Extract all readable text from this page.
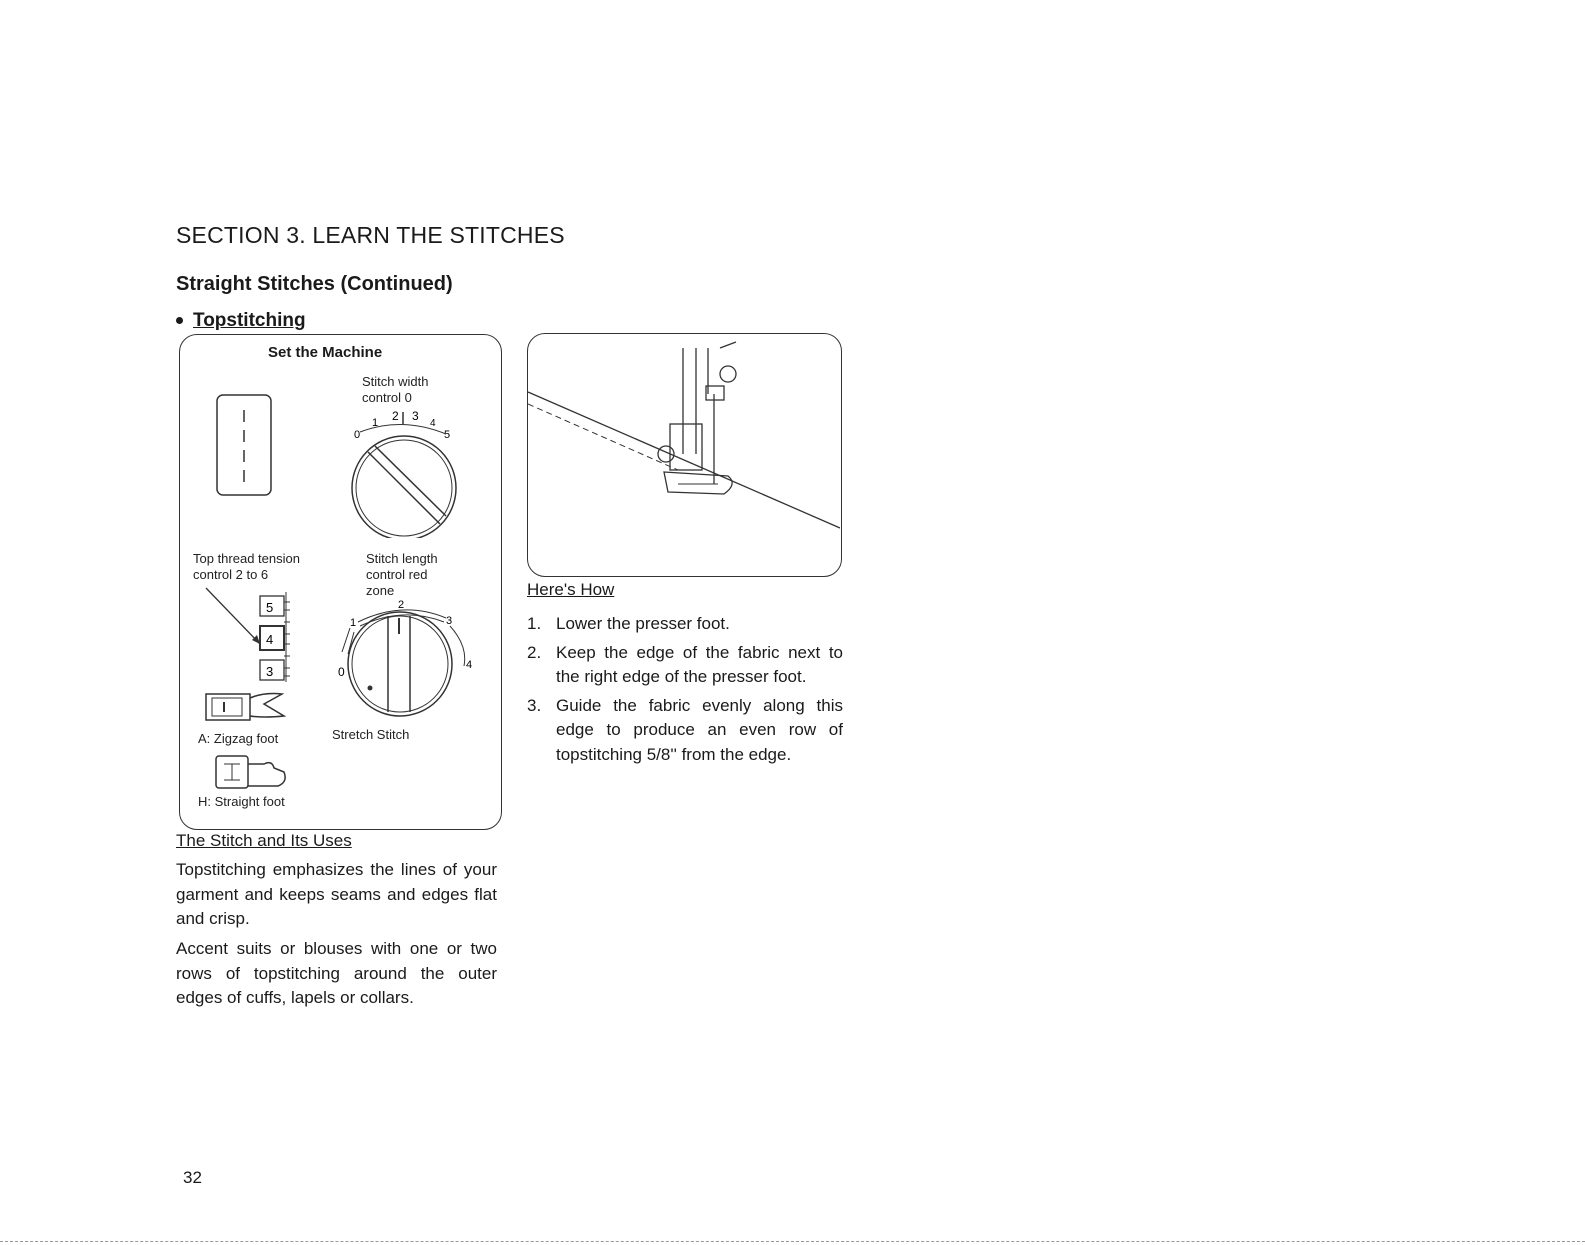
SECTION 3. LEARN THE STITCHES
Straight Stitches (Continued)
Topstitching
Set the Machine
Stitch width
control 0
0
1 2 3
4
5
Top thread tension
control 2 to 6
5
4
3
Stitch length
control red
zone
0
1
2
3
4
A: Zigzag foot	Stretch Stitch
H: Straight foot
The Stitch and Its Uses
Topstitching emphasizes the lines of your garment and keeps seams and edges flat and crisp.
Accent suits or blouses with one or two rows of topstitching around the outer edges of cuffs, lapels or collars.
Here's How
1. Lower the presser foot.
2. Keep the edge of the fabric next to the right edge of the presser foot.
3. Guide the fabric evenly along this edge to produce an even row of topstitching 5/8'' from the edge.
32
